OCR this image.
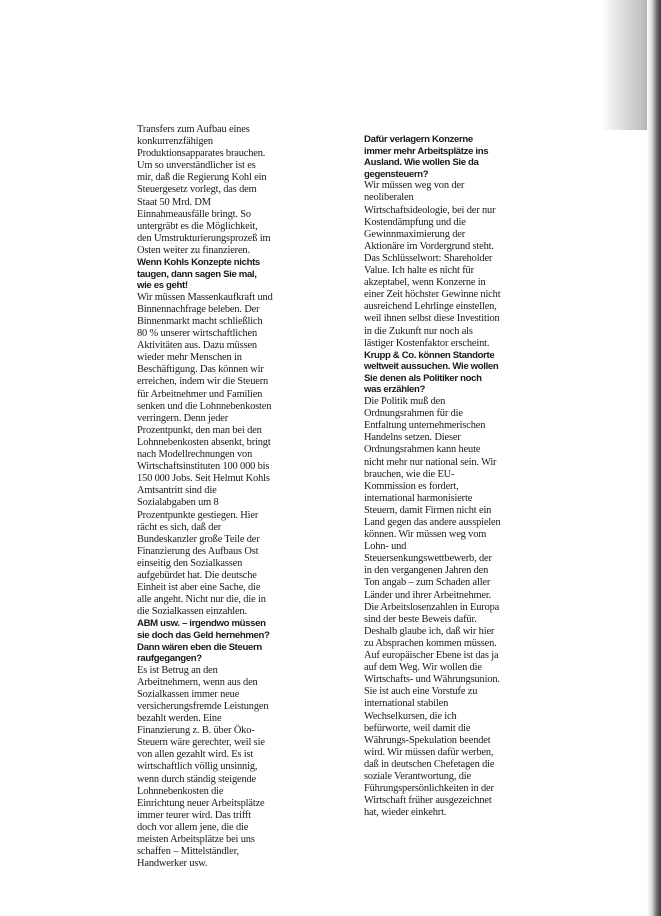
Transfers zum Aufbau eines konkurrenzfähigen Produktionsapparates brauchen. Um so unverständlicher ist es mir, daß die Regierung Kohl ein Steuergesetz vorlegt, das dem Staat 50 Mrd. DM Einnahmeausfälle bringt. So untergräbt es die Möglichkeit, den Umstrukturierungsprozeß im Osten weiter zu finanzieren.
Wenn Kohls Konzepte nichts taugen, dann sagen Sie mal, wie es geht!
Wir müssen Massenkaufkraft und Binnennachfrage beleben. Der Binnenmarkt macht schließlich 80 % unserer wirtschaftlichen Aktivitäten aus. Dazu müssen wieder mehr Menschen in Beschäftigung. Das können wir erreichen, indem wir die Steuern für Arbeitnehmer und Familien senken und die Lohnnebenkosten verringern. Denn jeder Prozentpunkt, den man bei den Lohnnebenkosten absenkt, bringt nach Modellrechnungen von Wirtschaftsinstituten 100 000 bis 150 000 Jobs. Seit Helmut Kohls Amtsantritt sind die Sozialabgaben um 8 Prozentpunkte gestiegen. Hier rächt es sich, daß der Bundeskanzler große Teile der Finanzierung des Aufbaus Ost einseitig den Sozialkassen aufgebürdet hat. Die deutsche Einheit ist aber eine Sache, die alle angeht. Nicht nur die, die in die Sozialkassen einzahlen.
ABM usw. – irgendwo müssen sie doch das Geld hernehmen? Dann wären eben die Steuern raufgegangen?
Es ist Betrug an den Arbeitnehmern, wenn aus den Sozialkassen immer neue versicherungsfremde Leistungen bezahlt werden. Eine Finanzierung z. B. über Öko-Steuern wäre gerechter, weil sie von allen gezahlt wird. Es ist wirtschaftlich völlig unsinnig, wenn durch ständig steigende Lohnnebenkosten die Einrichtung neuer Arbeitsplätze immer teurer wird. Das trifft doch vor allem jene, die die meisten Arbeitsplätze bei uns schaffen – Mittelständler, Handwerker usw.
Dafür verlagern Konzerne immer mehr Arbeitsplätze ins Ausland. Wie wollen Sie da gegensteuern?
Wir müssen weg von der neoliberalen Wirtschaftsideologie, bei der nur Kostendämpfung und die Gewinnmaximierung der Aktionäre im Vordergrund steht. Das Schlüsselwort: Shareholder Value. Ich halte es nicht für akzeptabel, wenn Konzerne in einer Zeit höchster Gewinne nicht ausreichend Lehrlinge einstellen, weil ihnen selbst diese Investition in die Zukunft nur noch als lästiger Kostenfaktor erscheint.
Krupp & Co. können Standorte weltweit aussuchen. Wie wollen Sie denen als Politiker noch was erzählen?
Die Politik muß den Ordnungsrahmen für die Entfaltung unternehmerischen Handelns setzen. Dieser Ordnungsrahmen kann heute nicht mehr nur national sein. Wir brauchen, wie die EU-Kommission es fordert, international harmonisierte Steuern, damit Firmen nicht ein Land gegen das andere ausspielen können. Wir müssen weg vom Lohn- und Steuersenkungswettbewerb, der in den vergangenen Jahren den Ton angab – zum Schaden aller Länder und ihrer Arbeitnehmer. Die Arbeitslosenzahlen in Europa sind der beste Beweis dafür. Deshalb glaube ich, daß wir hier zu Absprachen kommen müssen. Auf europäischer Ebene ist das ja auf dem Weg. Wir wollen die Wirtschafts- und Währungsunion. Sie ist auch eine Vorstufe zu international stabilen Wechselkursen, die ich befürworte, weil damit die Währungs-Spekulation beendet wird. Wir müssen dafür werben, daß in deutschen Chefetagen die soziale Verantwortung, die Führungspersönlichkeiten in der Wirtschaft früher ausgezeichnet hat, wieder einkehrt.
